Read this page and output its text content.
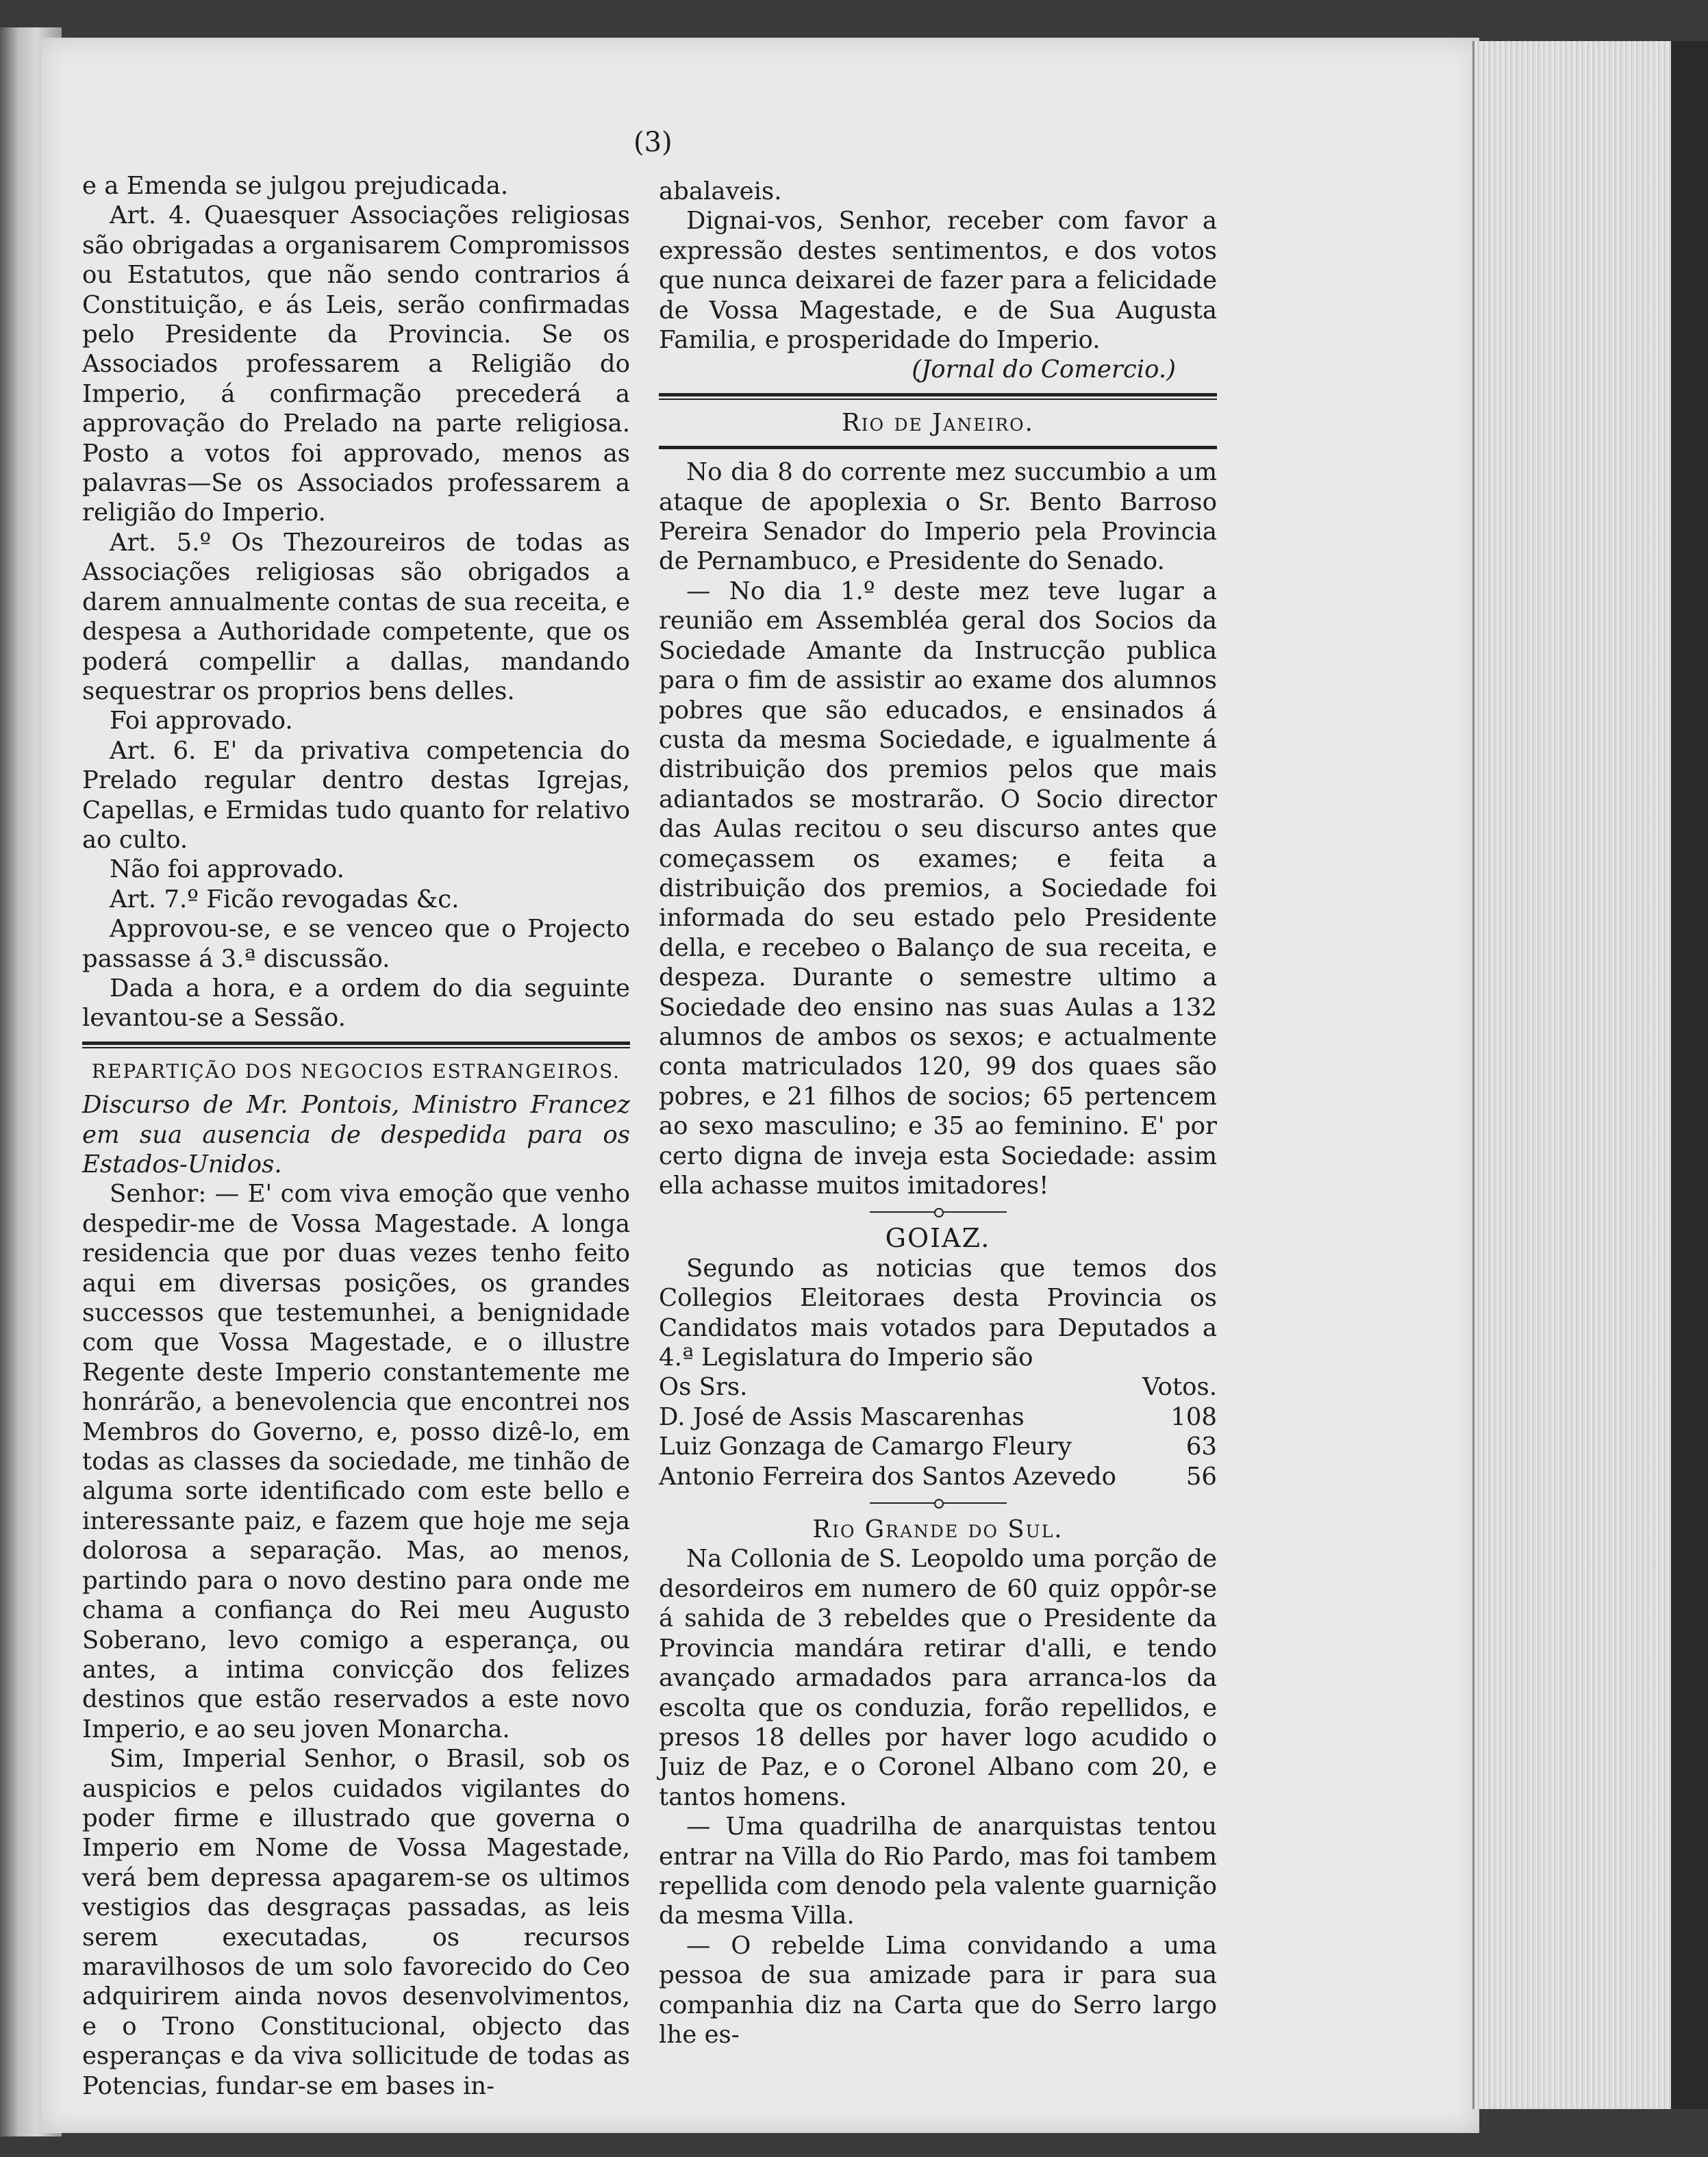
(3)

e a Emenda se julgou prejudicada.

Art. 4. Quaesquer Associações religiosas são obrigadas a organisarem Compromissos ou Estatutos, que não sendo contrarios á Constituição, e ás Leis, serão confirmadas pelo Presidente da Provincia. Se os Associados professarem a Religião do Imperio, á confirmação precederá a approvação do Prelado na parte religiosa. Posto a votos foi approvado, menos as palavras—Se os Associados professarem a religião do Imperio.

Art. 5.º Os Thezoureiros de todas as Associações religiosas são obrigados a darem annualmente contas de sua receita, e despesa a Authoridade competente, que os poderá compellir a dallas, mandando sequestrar os proprios bens delles.

Foi approvado.

Art. 6. E' da privativa competencia do Prelado regular dentro destas Igrejas, Capellas, e Ermidas tudo quanto for relativo ao culto.

Não foi approvado.

Art. 7.º Ficão revogadas &c.

Approvou-se, e se venceo que o Projecto passasse á 3.ª discussão.

Dada a hora, e a ordem do dia seguinte levantou-se a Sessão.

REPARTIÇÃO DOS NEGOCIOS ESTRANGEIROS.

Discurso de Mr. Pontois, Ministro Francez em sua ausencia de despedida para os Estados-Unidos.

Senhor: — E' com viva emoção que venho despedir-me de Vossa Magestade. A longa residencia que por duas vezes tenho feito aqui em diversas posições, os grandes successos que testemunhei, a benignidade com que Vossa Magestade, e o illustre Regente deste Imperio constantemente me honrárão, a benevolencia que encontrei nos Membros do Governo, e, posso dizê-lo, em todas as classes da sociedade, me tinhão de alguma sorte identificado com este bello e interessante paiz, e fazem que hoje me seja dolorosa a separação. Mas, ao menos, partindo para o novo destino para onde me chama a confiança do Rei meu Augusto Soberano, levo comigo a esperança, ou antes, a intima convicção dos felizes destinos que estão reservados a este novo Imperio, e ao seu joven Monarcha.

Sim, Imperial Senhor, o Brasil, sob os auspicios e pelos cuidados vigilantes do poder firme e illustrado que governa o Imperio em Nome de Vossa Magestade, verá bem depressa apagarem-se os ultimos vestigios das desgraças passadas, as leis serem executadas, os recursos maravilhosos de um solo favorecido do Ceo adquirirem ainda novos desenvolvimentos, e o Trono Constitucional, objecto das esperanças e da viva sollicitude de todas as Potencias, fundar-se em bases in-

abalaveis.

Dignai-vos, Senhor, receber com favor a expressão destes sentimentos, e dos votos que nunca deixarei de fazer para a felicidade de Vossa Magestade, e de Sua Augusta Familia, e prosperidade do Imperio.

(Jornal do Comercio.)

Rio de Janeiro.

No dia 8 do corrente mez succumbio a um ataque de apoplexia o Sr. Bento Barroso Pereira Senador do Imperio pela Provincia de Pernambuco, e Presidente do Senado.

— No dia 1.º deste mez teve lugar a reunião em Assembléa geral dos Socios da Sociedade Amante da Instrucção publica para o fim de assistir ao exame dos alumnos pobres que são educados, e ensinados á custa da mesma Sociedade, e igualmente á distribuição dos premios pelos que mais adiantados se mostrarão. O Socio director das Aulas recitou o seu discurso antes que começassem os exames; e feita a distribuição dos premios, a Sociedade foi informada do seu estado pelo Presidente della, e recebeo o Balanço de sua receita, e despeza. Durante o semestre ultimo a Sociedade deo ensino nas suas Aulas a 132 alumnos de ambos os sexos; e actualmente conta matriculados 120, 99 dos quaes são pobres, e 21 filhos de socios; 65 pertencem ao sexo masculino; e 35 ao feminino. E' por certo digna de inveja esta Sociedade: assim ella achasse muitos imitadores!

GOIAZ.

Segundo as noticias que temos dos Collegios Eleitoraes desta Provincia os Candidatos mais votados para Deputados a 4.ª Legislatura do Imperio são

Os Srs.	Votos.
D. José de Assis Mascarenhas	108
Luiz Gonzaga de Camargo Fleury	63
Antonio Ferreira dos Santos Azevedo	56

Rio Grande do Sul.

Na Collonia de S. Leopoldo uma porção de desordeiros em numero de 60 quiz oppôr-se á sahida de 3 rebeldes que o Presidente da Provincia mandára retirar d'alli, e tendo avançado armadados para arranca-los da escolta que os conduzia, forão repellidos, e presos 18 delles por haver logo acudido o Juiz de Paz, e o Coronel Albano com 20, e tantos homens.

— Uma quadrilha de anarquistas tentou entrar na Villa do Rio Pardo, mas foi tambem repellida com denodo pela valente guarnição da mesma Villa.

— O rebelde Lima convidando a uma pessoa de sua amizade para ir para sua companhia diz na Carta que do Serro largo lhe es-
